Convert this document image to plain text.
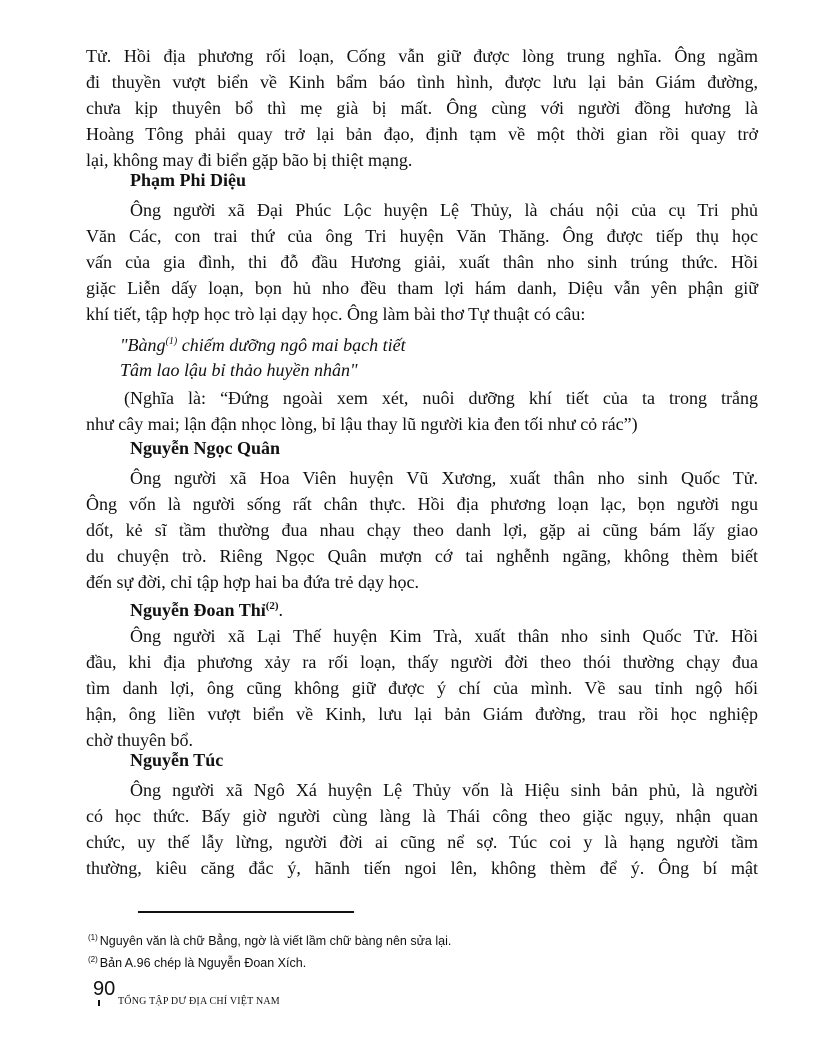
Tử. Hồi địa phương rối loạn, Cống vẫn giữ được lòng trung nghĩa. Ông ngầm
đi thuyền vượt biển về Kinh bẩm báo tình hình, được lưu lại bản Giám đường,
chưa kịp thuyên bổ thì mẹ già bị mất. Ông cùng với người đồng hương là
Hoàng Tông phải quay trở lại bản đạo, định tạm về một thời gian rồi quay trở
lại, không may đi biển gặp bão bị thiệt mạng.
Phạm Phi Diệu
Ông người xã Đại Phúc Lộc huyện Lệ Thủy, là cháu nội của cụ Tri phủ
Văn Các, con trai thứ của ông Tri huyện Văn Thăng. Ông được tiếp thụ học
vấn của gia đình, thi đỗ đầu Hương giải, xuất thân nho sinh trúng thức. Hồi
giặc Liễn dấy loạn, bọn hủ nho đều tham lợi hám danh, Diệu vẫn yên phận giữ
khí tiết, tập hợp học trò lại dạy học. Ông làm bài thơ Tự thuật có câu:
"Bàng$^{(1)}$ chiếm dưỡng ngô mai bạch tiết
Tâm lao lậu bỉ thảo huyền nhân"
(Nghĩa là: “Đứng ngoài xem xét, nuôi dưỡng khí tiết của ta trong trắng
như cây mai; lận đận nhọc lòng, bỉ lậu thay lũ người kia đen tối như cỏ rác”)
Nguyễn Ngọc Quân
Ông người xã Hoa Viên huyện Vũ Xương, xuất thân nho sinh Quốc Tử.
Ông vốn là người sống rất chân thực. Hồi địa phương loạn lạc, bọn người ngu
dốt, kẻ sĩ tầm thường đua nhau chạy theo danh lợi, gặp ai cũng bám lấy giao
du chuyện trò. Riêng Ngọc Quân mượn cớ tai nghễnh ngãng, không thèm biết
đến sự đời, chỉ tập hợp hai ba đứa trẻ dạy học.
Nguyễn Đoan Thỉ$^{(2)}$.
Ông người xã Lại Thế huyện Kim Trà, xuất thân nho sinh Quốc Tử. Hồi
đầu, khi địa phương xảy ra rối loạn, thấy người đời theo thói thường chạy đua
tìm danh lợi, ông cũng không giữ được ý chí của mình. Về sau tỉnh ngộ hối
hận, ông liền vượt biển về Kinh, lưu lại bản Giám đường, trau rồi học nghiệp
chờ thuyên bổ.
Nguyễn Túc
Ông người xã Ngô Xá huyện Lệ Thủy vốn là Hiệu sinh bản phủ, là người
có học thức. Bấy giờ người cùng làng là Thái công theo giặc ngụy, nhận quan
chức, uy thế lẫy lừng, người đời ai cũng nể sợ. Túc coi y là hạng người tầm
thường, kiêu căng đắc ý, hãnh tiến ngoi lên, không thèm để ý. Ông bí mật
$^{(1)}$ Nguyên văn là chữ Bẳng, ngờ là viết lầm chữ bàng nên sửa lại.
$^{(2)}$ Bản A.96 chép là Nguyễn Đoan Xích.
90
TỔNG TẬP DƯ ĐỊA CHÍ VIỆT NAM
